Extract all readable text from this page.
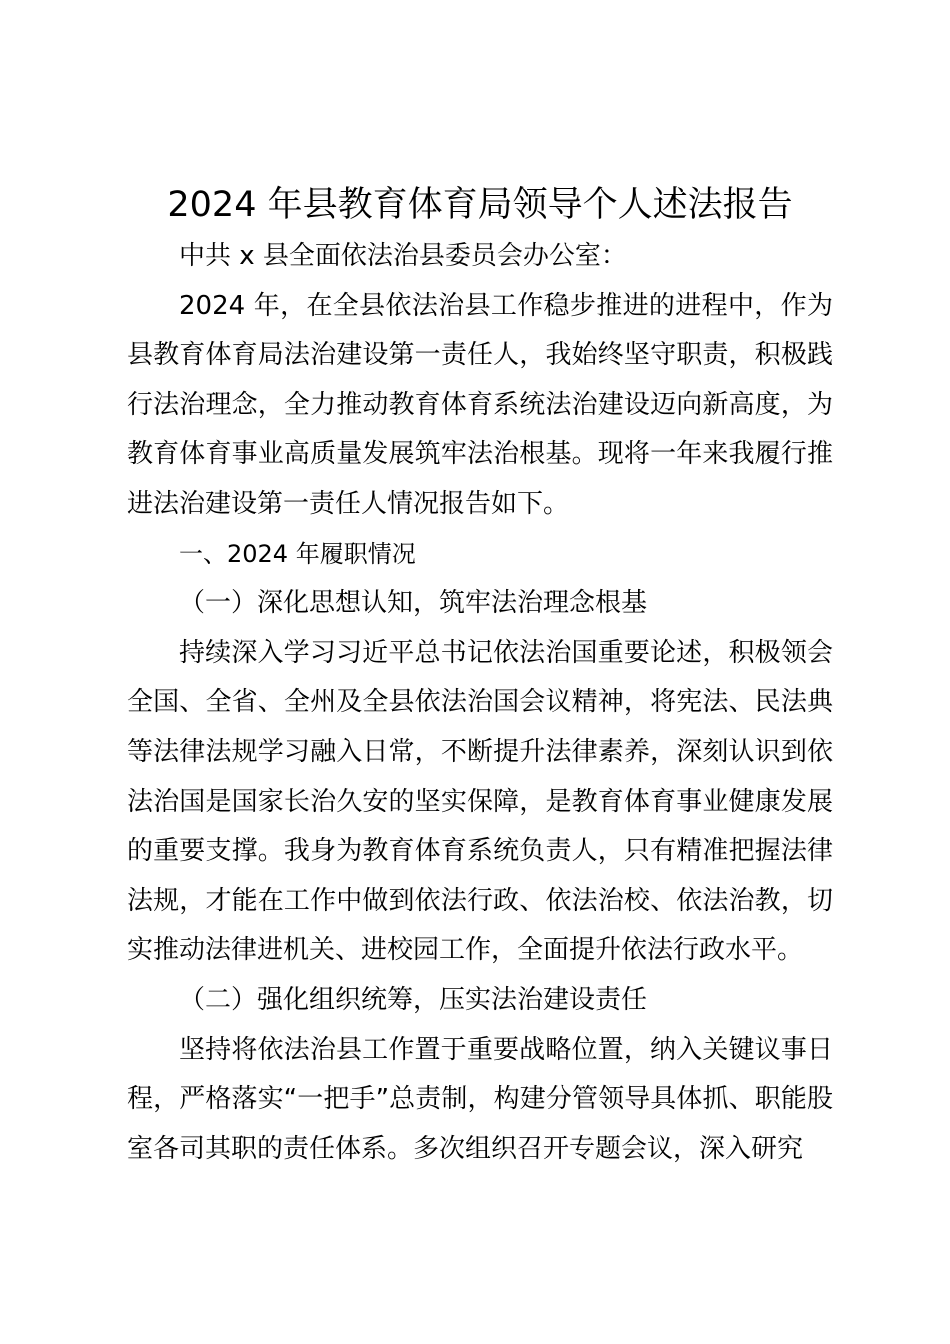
2024 年县教育体育局领导个人述法报告

中共 x 县全面依法治县委员会办公室：

2024 年，在全县依法治县工作稳步推进的进程中，作为县教育体育局法治建设第一责任人，我始终坚守职责，积极践行法治理念，全力推动教育体育系统法治建设迈向新高度，为教育体育事业高质量发展筑牢法治根基。现将一年来我履行推进法治建设第一责任人情况报告如下。

一、2024 年履职情况

（一）深化思想认知，筑牢法治理念根基

持续深入学习习近平总书记依法治国重要论述，积极领会全国、全省、全州及全县依法治国会议精神，将宪法、民法典等法律法规学习融入日常，不断提升法律素养，深刻认识到依法治国是国家长治久安的坚实保障，是教育体育事业健康发展的重要支撑。我身为教育体育系统负责人，只有精准把握法律法规，才能在工作中做到依法行政、依法治校、依法治教，切实推动法律进机关、进校园工作，全面提升依法行政水平。

（二）强化组织统筹，压实法治建设责任

坚持将依法治县工作置于重要战略位置，纳入关键议事日程，严格落实“一把手”总责制，构建分管领导具体抓、职能股室各司其职的责任体系。多次组织召开专题会议，深入研究
